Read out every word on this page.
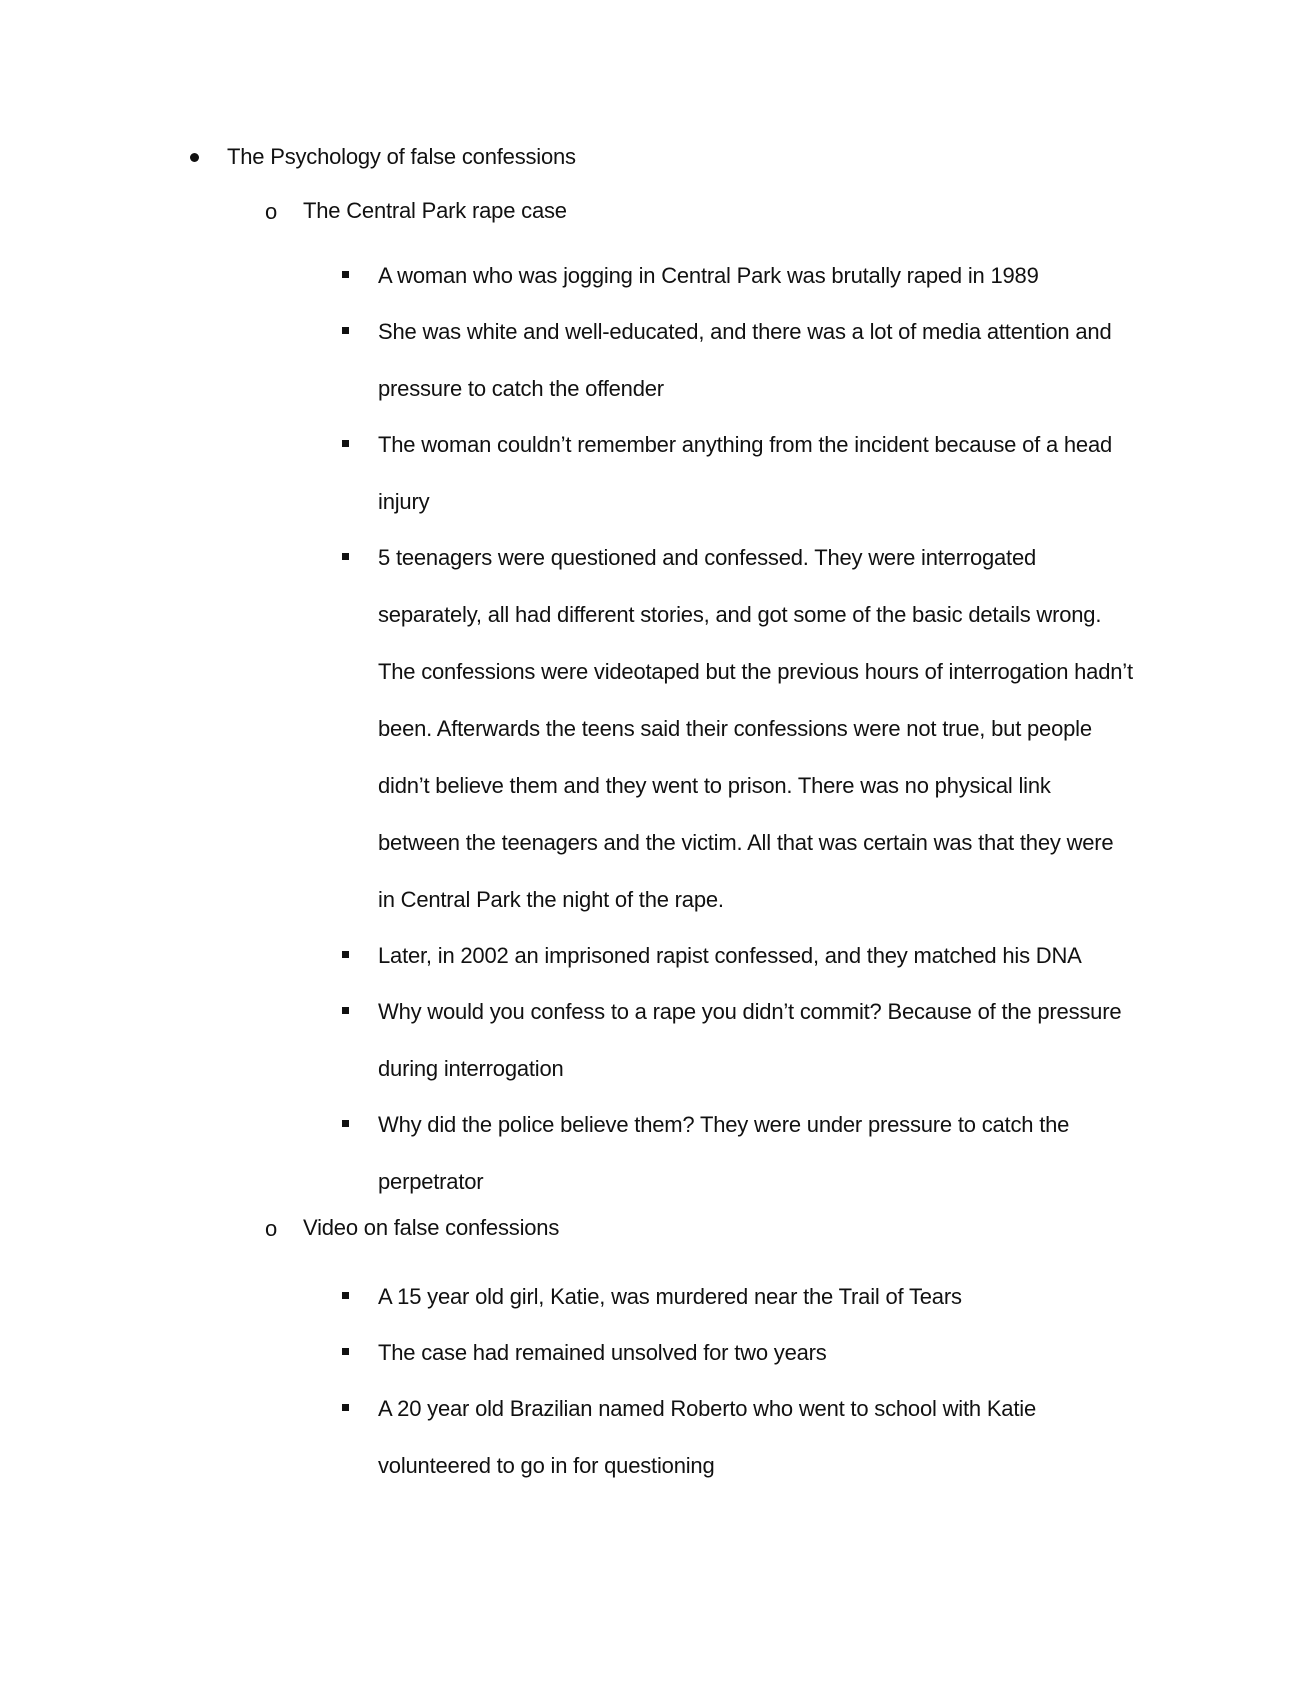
The Psychology of false confessions
o The Central Park rape case
A woman who was jogging in Central Park was brutally raped in 1989
She was white and well-educated, and there was a lot of media attention and
pressure to catch the offender
The woman couldn’t remember anything from the incident because of a head
injury
5 teenagers were questioned and confessed. They were interrogated
separately, all had different stories, and got some of the basic details wrong.
The confessions were videotaped but the previous hours of interrogation hadn’t
been. Afterwards the teens said their confessions were not true, but people
didn’t believe them and they went to prison. There was no physical link
between the teenagers and the victim. All that was certain was that they were
in Central Park the night of the rape.
Later, in 2002 an imprisoned rapist confessed, and they matched his DNA
Why would you confess to a rape you didn’t commit? Because of the pressure
during interrogation
Why did the police believe them? They were under pressure to catch the
perpetrator
o Video on false confessions
A 15 year old girl, Katie, was murdered near the Trail of Tears
The case had remained unsolved for two years
A 20 year old Brazilian named Roberto who went to school with Katie
volunteered to go in for questioning
